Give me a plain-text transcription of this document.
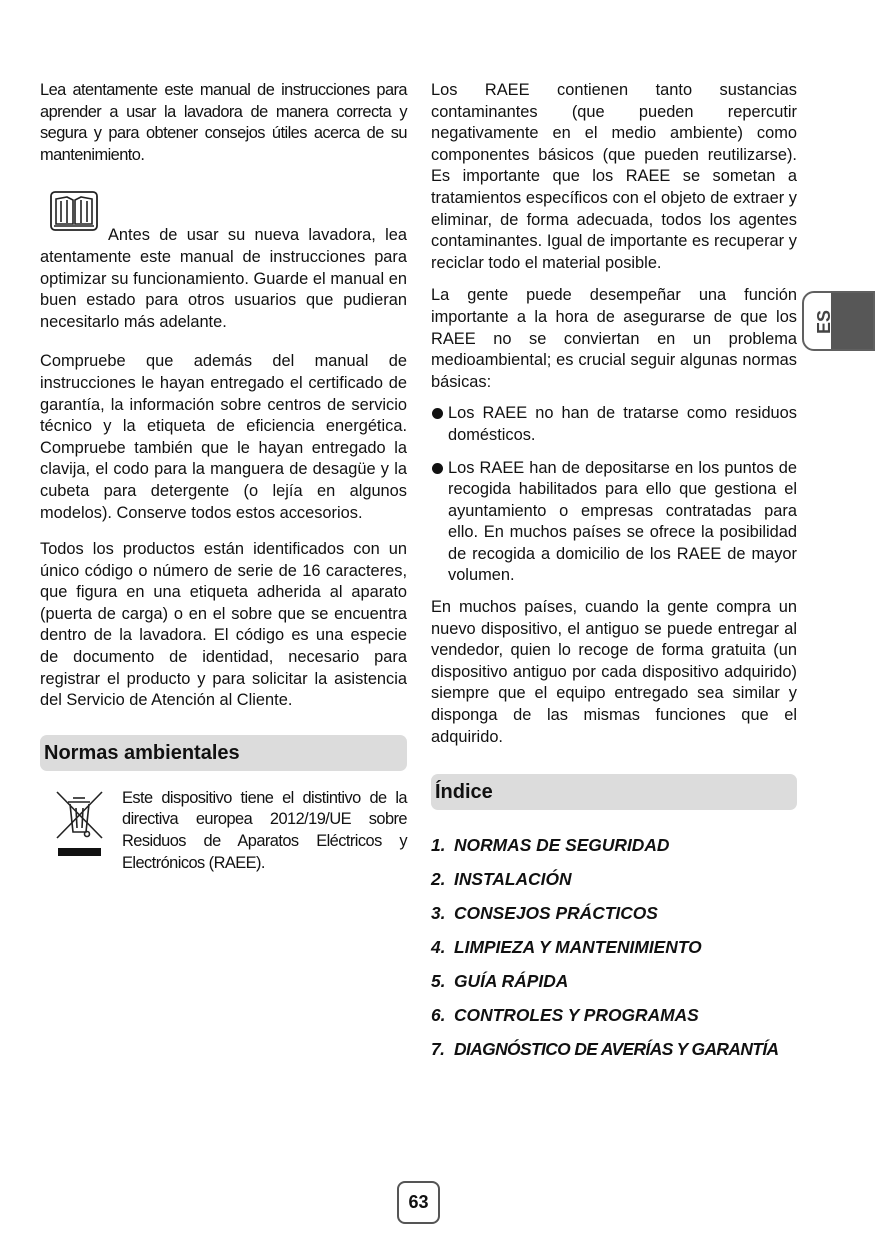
Lea atentamente este manual de instrucciones para aprender a usar la lavadora de manera correcta y segura y para obtener consejos útiles acerca de su mantenimiento.

Antes de usar su nueva lavadora, lea atentamente este manual de instrucciones para optimizar su funcionamiento. Guarde el manual en buen estado para otros usuarios que pudieran necesitarlo más adelante.

Compruebe que además del manual de instrucciones le hayan entregado el certificado de garantía, la información sobre centros de servicio técnico y la etiqueta de eficiencia energética. Compruebe también que le hayan entregado la clavija, el codo para la manguera de desagüe y la cubeta para detergente (o lejía en algunos modelos). Conserve todos estos accesorios.

Todos los productos están identificados con un único código o número de serie de 16 caracteres, que figura en una etiqueta adherida al aparato (puerta de carga) o en el sobre que se encuentra dentro de la lavadora. El código es una especie de documento de identidad, necesario para registrar el producto y para solicitar la asistencia del Servicio de Atención al Cliente.

Normas ambientales

Este dispositivo tiene el distintivo de la directiva europea 2012/19/UE sobre Residuos de Aparatos Eléctricos y Electrónicos (RAEE).

Los RAEE contienen tanto sustancias contaminantes (que pueden repercutir negativamente en el medio ambiente) como componentes básicos (que pueden reutilizarse). Es importante que los RAEE se sometan a tratamientos específicos con el objeto de extraer y eliminar, de forma adecuada, todos los agentes contaminantes. Igual de importante es recuperar y reciclar todo el material posible.

La gente puede desempeñar una función importante a la hora de asegurarse de que los RAEE no se conviertan en un problema medioambiental; es crucial seguir algunas normas básicas:

Los RAEE no han de tratarse como residuos domésticos.

Los RAEE han de depositarse en los puntos de recogida habilitados para ello que gestiona el ayuntamiento o empresas contratadas para ello. En muchos países se ofrece la posibilidad de recogida a domicilio de los RAEE de mayor volumen.

En muchos países, cuando la gente compra un nuevo dispositivo, el antiguo se puede entregar al vendedor, quien lo recoge de forma gratuita (un dispositivo antiguo por cada dispositivo adquirido) siempre que el equipo entregado sea similar y disponga de las mismas funciones que el adquirido.

Índice
1. NORMAS DE SEGURIDAD
2. INSTALACIÓN
3. CONSEJOS PRÁCTICOS
4. LIMPIEZA Y MANTENIMIENTO
5. GUÍA RÁPIDA
6. CONTROLES Y PROGRAMAS
7. DIAGNÓSTICO DE AVERÍAS Y GARANTÍA
ES
63
